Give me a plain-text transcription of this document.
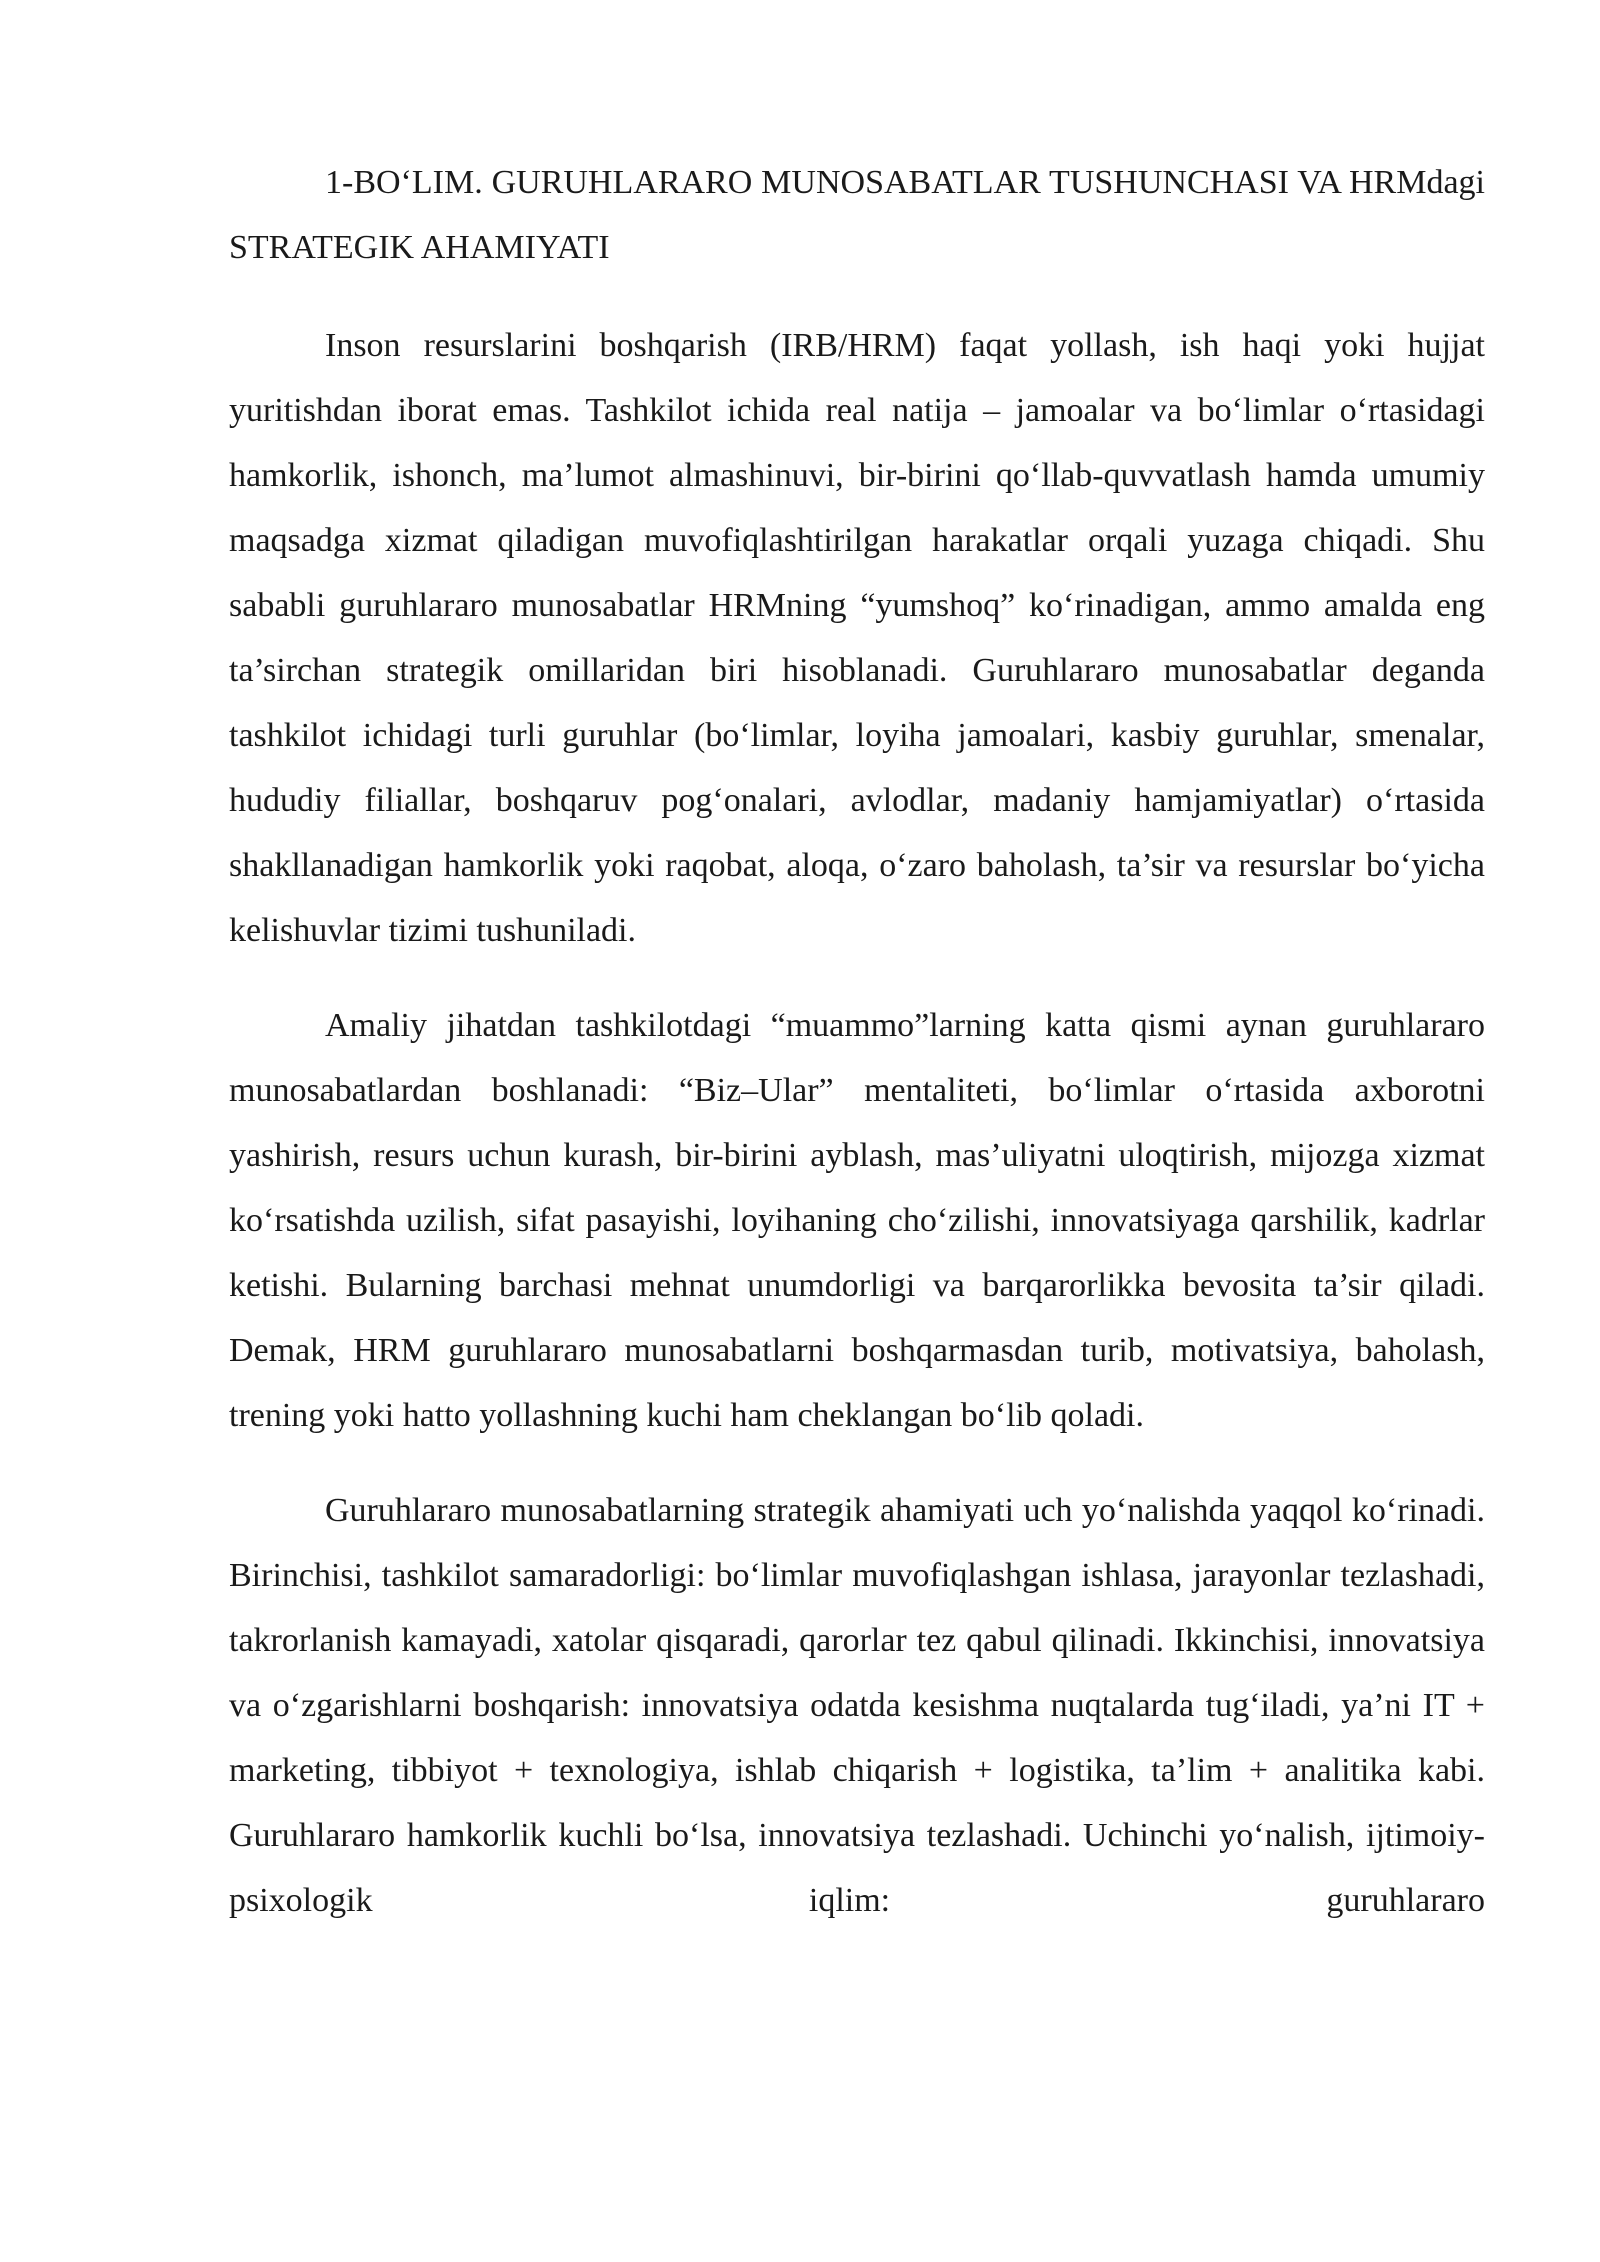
1-BO‘LIM. GURUHLARARO MUNOSABATLAR TUSHUNCHASI VA HRMdagi STRATEGIK AHAMIYATI

Inson resurslarini boshqarish (IRB/HRM) faqat yollash, ish haqi yoki hujjat yuritishdan iborat emas. Tashkilot ichida real natija – jamoalar va bo‘limlar o‘rtasidagi hamkorlik, ishonch, ma’lumot almashinuvi, bir-birini qo‘llab-quvvatlash hamda umumiy maqsadga xizmat qiladigan muvofiqlashtirilgan harakatlar orqali yuzaga chiqadi. Shu sababli guruhlararo munosabatlar HRMning “yumshoq” ko‘rinadigan, ammo amalda eng ta’sirchan strategik omillaridan biri hisoblanadi. Guruhlararo munosabatlar deganda tashkilot ichidagi turli guruhlar (bo‘limlar, loyiha jamoalari, kasbiy guruhlar, smenalar, hududiy filiallar, boshqaruv pog‘onalari, avlodlar, madaniy hamjamiyatlar) o‘rtasida shakllanadigan hamkorlik yoki raqobat, aloqa, o‘zaro baholash, ta’sir va resurslar bo‘yicha kelishuvlar tizimi tushuniladi.

Amaliy jihatdan tashkilotdagi “muammo”larning katta qismi aynan guruhlararo munosabatlardan boshlanadi: “Biz–Ular” mentaliteti, bo‘limlar o‘rtasida axborotni yashirish, resurs uchun kurash, bir-birini ayblash, mas’uliyatni uloqtirish, mijozga xizmat ko‘rsatishda uzilish, sifat pasayishi, loyihaning cho‘zilishi, innovatsiyaga qarshilik, kadrlar ketishi. Bularning barchasi mehnat unumdorligi va barqarorlikka bevosita ta’sir qiladi. Demak, HRM guruhlararo munosabatlarni boshqarmasdan turib, motivatsiya, baholash, trening yoki hatto yollashning kuchi ham cheklangan bo‘lib qoladi.

Guruhlararo munosabatlarning strategik ahamiyati uch yo‘nalishda yaqqol ko‘rinadi. Birinchisi, tashkilot samaradorligi: bo‘limlar muvofiqlashgan ishlasa, jarayonlar tezlashadi, takrorlanish kamayadi, xatolar qisqaradi, qarorlar tez qabul qilinadi. Ikkinchisi, innovatsiya va o‘zgarishlarni boshqarish: innovatsiya odatda kesishma nuqtalarda tug‘iladi, ya’ni IT + marketing, tibbiyot + texnologiya, ishlab chiqarish + logistika, ta’lim + analitika kabi. Guruhlararo hamkorlik kuchli bo‘lsa, innovatsiya tezlashadi. Uchinchi yo‘nalish, ijtimoiy-psixologik iqlim: guruhlararo
